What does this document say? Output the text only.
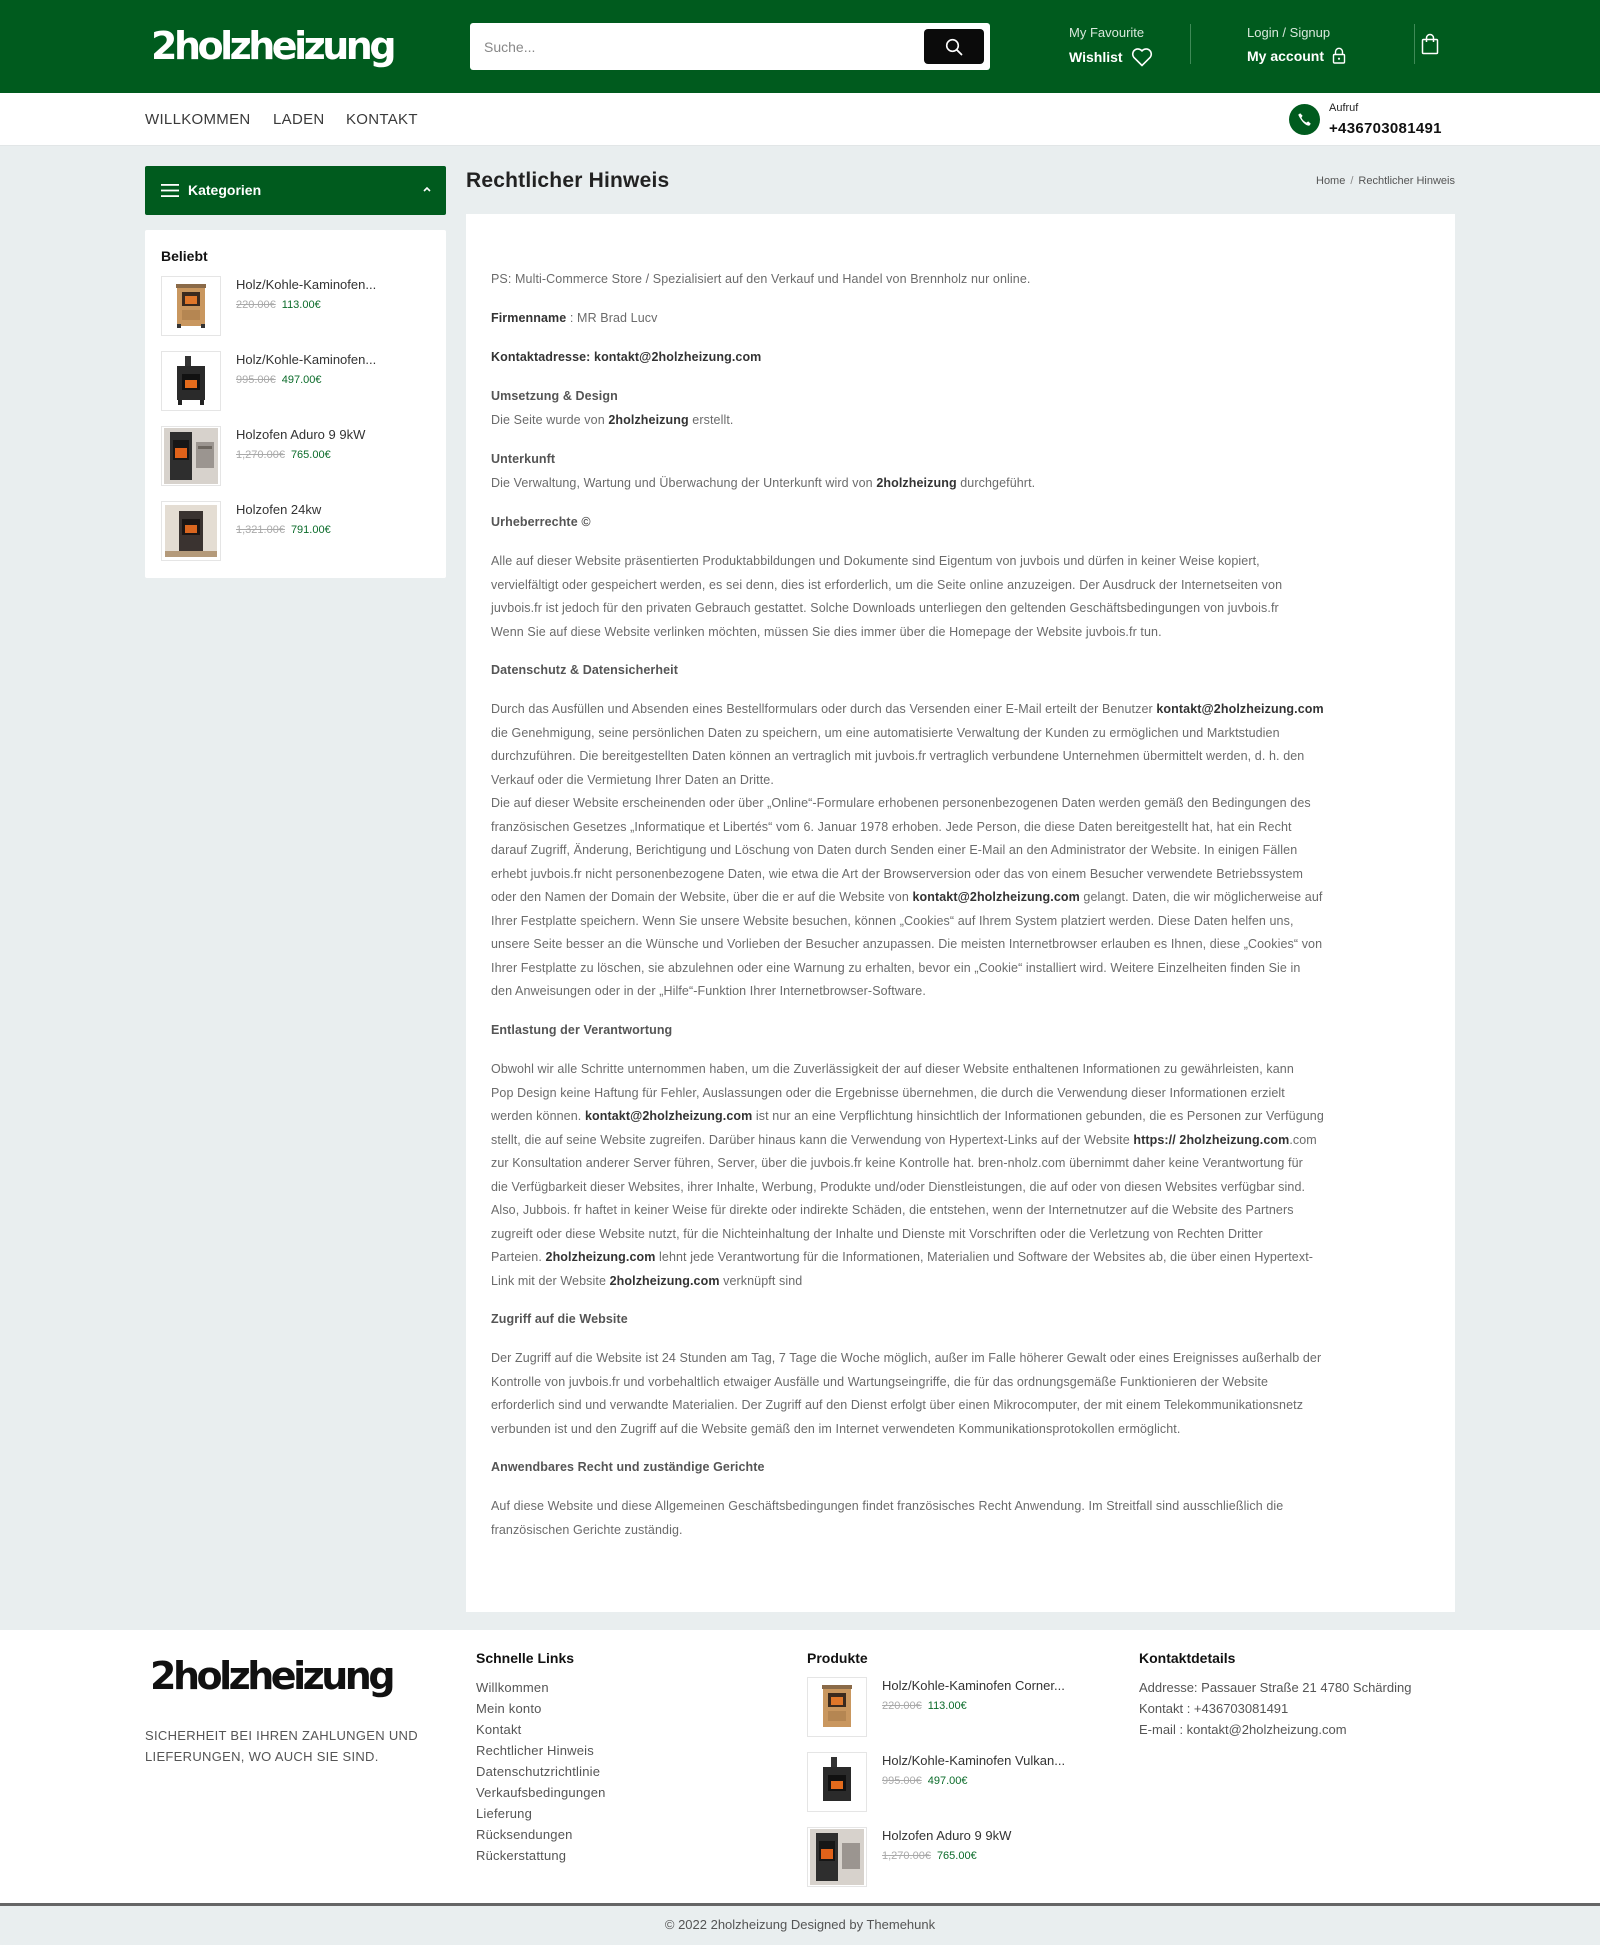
2holzheizung
Suche...	My Favourite
Wishlist
Login / Signup
My account
WILLKOMMEN LADEN KONTAKT
Aufruf
+436703081491
Kategorien
Beliebt
Holz/Kohle-Kaminofen...
220.00€ 113.00€
Holz/Kohle-Kaminofen...
995.00€ 497.00€
Holzofen Aduro 9 9kW
1,270.00€ 765.00€
Holzofen 24kw
1,321.00€ 791.00€
Rechtlicher Hinweis	Home / Rechtlicher Hinweis
PS: Multi-Commerce Store / Spezialisiert auf den Verkauf und Handel von Brennholz nur online.
Firmenname : MR Brad Lucv
Kontaktadresse: kontakt@2holzheizung.com
Umsetzung & Design
Die Seite wurde von 2holzheizung erstellt.
Unterkunft
Die Verwaltung, Wartung und Überwachung der Unterkunft wird von 2holzheizung durchgeführt.
Urheberrechte ©
Alle auf dieser Website präsentierten Produktabbildungen und Dokumente sind Eigentum von juvbois und dürfen in keiner Weise kopiert,
vervielfältigt oder gespeichert werden, es sei denn, dies ist erforderlich, um die Seite online anzuzeigen. Der Ausdruck der Internetseiten von
juvbois.fr ist jedoch für den privaten Gebrauch gestattet. Solche Downloads unterliegen den geltenden Geschäftsbedingungen von juvbois.fr
Wenn Sie auf diese Website verlinken möchten, müssen Sie dies immer über die Homepage der Website juvbois.fr tun.
Datenschutz & Datensicherheit
Durch das Ausfüllen und Absenden eines Bestellformulars oder durch das Versenden einer E-Mail erteilt der Benutzer kontakt@2holzheizung.com
die Genehmigung, seine persönlichen Daten zu speichern, um eine automatisierte Verwaltung der Kunden zu ermöglichen und Marktstudien
durchzuführen. Die bereitgestellten Daten können an vertraglich mit juvbois.fr vertraglich verbundene Unternehmen übermittelt werden, d. h. den
Verkauf oder die Vermietung Ihrer Daten an Dritte.
Die auf dieser Website erscheinenden oder über „Online“-Formulare erhobenen personenbezogenen Daten werden gemäß den Bedingungen des
französischen Gesetzes „Informatique et Libertés“ vom 6. Januar 1978 erhoben. Jede Person, die diese Daten bereitgestellt hat, hat ein Recht
darauf Zugriff, Änderung, Berichtigung und Löschung von Daten durch Senden einer E-Mail an den Administrator der Website. In einigen Fällen
erhebt juvbois.fr nicht personenbezogene Daten, wie etwa die Art der Browserversion oder das von einem Besucher verwendete Betriebssystem
oder den Namen der Domain der Website, über die er auf die Website von kontakt@2holzheizung.com gelangt. Daten, die wir möglicherweise auf
Ihrer Festplatte speichern. Wenn Sie unsere Website besuchen, können „Cookies“ auf Ihrem System platziert werden. Diese Daten helfen uns,
unsere Seite besser an die Wünsche und Vorlieben der Besucher anzupassen. Die meisten Internetbrowser erlauben es Ihnen, diese „Cookies“ von
Ihrer Festplatte zu löschen, sie abzulehnen oder eine Warnung zu erhalten, bevor ein „Cookie“ installiert wird. Weitere Einzelheiten finden Sie in
den Anweisungen oder in der „Hilfe“-Funktion Ihrer Internetbrowser-Software.
Entlastung der Verantwortung
Obwohl wir alle Schritte unternommen haben, um die Zuverlässigkeit der auf dieser Website enthaltenen Informationen zu gewährleisten, kann
Pop Design keine Haftung für Fehler, Auslassungen oder die Ergebnisse übernehmen, die durch die Verwendung dieser Informationen erzielt
werden können. kontakt@2holzheizung.com ist nur an eine Verpflichtung hinsichtlich der Informationen gebunden, die es Personen zur Verfügung
stellt, die auf seine Website zugreifen. Darüber hinaus kann die Verwendung von Hypertext-Links auf der Website https:// 2holzheizung.com.com
zur Konsultation anderer Server führen, Server, über die juvbois.fr keine Kontrolle hat. bren-nholz.com übernimmt daher keine Verantwortung für
die Verfügbarkeit dieser Websites, ihrer Inhalte, Werbung, Produkte und/oder Dienstleistungen, die auf oder von diesen Websites verfügbar sind.
Also, Jubbois. fr haftet in keiner Weise für direkte oder indirekte Schäden, die entstehen, wenn der Internetnutzer auf die Website des Partners
zugreift oder diese Website nutzt, für die Nichteinhaltung der Inhalte und Dienste mit Vorschriften oder die Verletzung von Rechten Dritter
Parteien. 2holzheizung.com lehnt jede Verantwortung für die Informationen, Materialien und Software der Websites ab, die über einen Hypertext-
Link mit der Website 2holzheizung.com verknüpft sind
Zugriff auf die Website
Der Zugriff auf die Website ist 24 Stunden am Tag, 7 Tage die Woche möglich, außer im Falle höherer Gewalt oder eines Ereignisses außerhalb der
Kontrolle von juvbois.fr und vorbehaltlich etwaiger Ausfälle und Wartungseingriffe, die für das ordnungsgemäße Funktionieren der Website
erforderlich sind und verwandte Materialien. Der Zugriff auf den Dienst erfolgt über einen Mikrocomputer, der mit einem Telekommunikationsnetz
verbunden ist und den Zugriff auf die Website gemäß den im Internet verwendeten Kommunikationsprotokollen ermöglicht.
Anwendbares Recht und zuständige Gerichte
Auf diese Website und diese Allgemeinen Geschäftsbedingungen findet französisches Recht Anwendung. Im Streitfall sind ausschließlich die
französischen Gerichte zuständig.
2holzheizung
SICHERHEIT BEI IHREN ZAHLUNGEN UND LIEFERUNGEN, WO AUCH SIE SIND.
Schnelle Links
Willkommen
Mein konto
Kontakt
Rechtlicher Hinweis
Datenschutzrichtlinie
Verkaufsbedingungen
Lieferung
Rücksendungen
Rückerstattung
Produkte
Holz/Kohle-Kaminofen Corner...
220.00€ 113.00€
Holz/Kohle-Kaminofen Vulkan...
995.00€ 497.00€
Holzofen Aduro 9 9kW
1,270.00€ 765.00€
Kontaktdetails
Addresse: Passauer Straße 21 4780 Schärding
Kontakt : +436703081491
E-mail : kontakt@2holzheizung.com
© 2022 2holzheizung Designed by Themehunk
